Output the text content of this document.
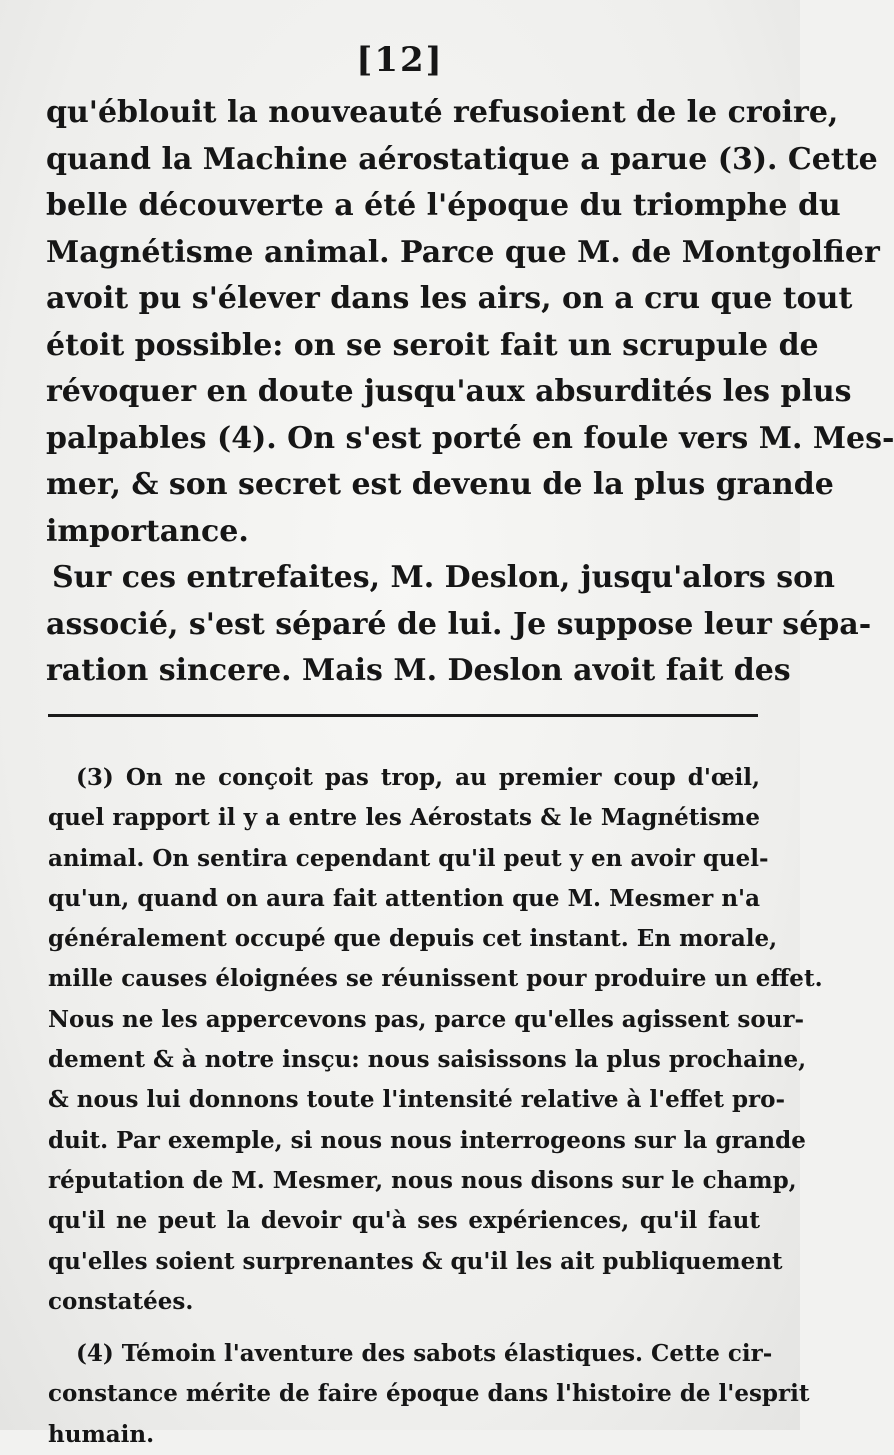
[12]
qu'éblouit la nouveauté refusoient de le croire,
quand la Machine aérostatique a parue (3). Cette
belle découverte a été l'époque du triomphe du
Magnétisme animal. Parce que M. de Montgolfier
avoit pu s'élever dans les airs, on a cru que tout
étoit possible: on se seroit fait un scrupule de
révoquer en doute jusqu'aux absurdités les plus
palpables (4). On s'est porté en foule vers M. Mes-
mer, & son secret est devenu de la plus grande
importance.
Sur ces entrefaites, M. Deslon, jusqu'alors son
associé, s'est séparé de lui. Je suppose leur sépa-
ration sincere. Mais M. Deslon avoit fait des
(3) On ne conçoit pas trop, au premier coup d'œil,
quel rapport il y a entre les Aérostats & le Magnétisme
animal. On sentira cependant qu'il peut y en avoir quel-
qu'un, quand on aura fait attention que M. Mesmer n'a
généralement occupé que depuis cet instant. En morale,
mille causes éloignées se réunissent pour produire un effet.
Nous ne les appercevons pas, parce qu'elles agissent sour-
dement & à notre insçu: nous saisissons la plus prochaine,
& nous lui donnons toute l'intensité relative à l'effet pro-
duit. Par exemple, si nous nous interrogeons sur la grande
réputation de M. Mesmer, nous nous disons sur le champ,
qu'il ne peut la devoir qu'à ses expériences, qu'il faut
qu'elles soient surprenantes & qu'il les ait publiquement
constatées.
(4) Témoin l'aventure des sabots élastiques. Cette cir-
constance mérite de faire époque dans l'histoire de l'esprit
humain.
